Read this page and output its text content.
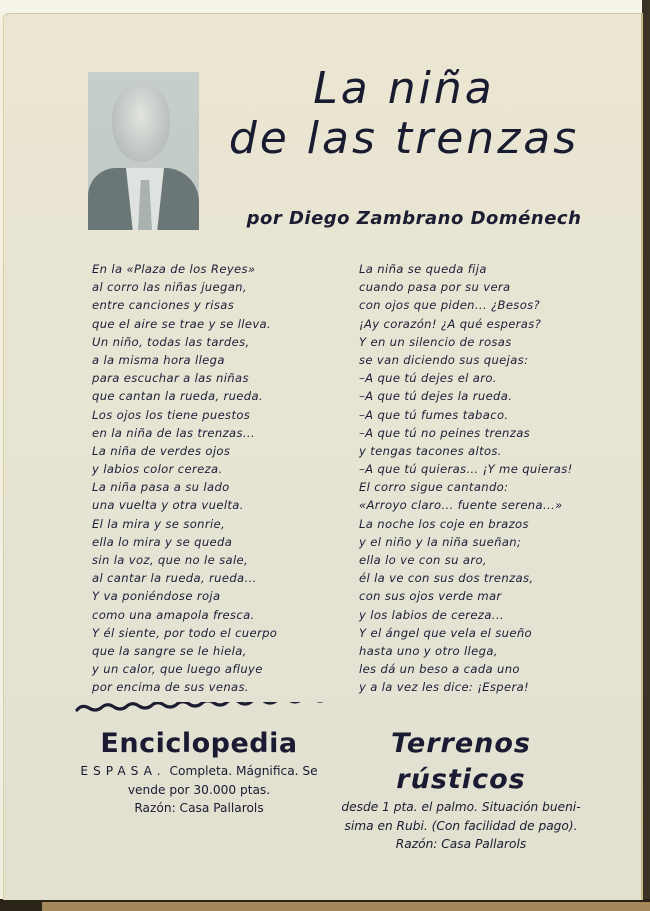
La niña
de las trenzas
por Diego Zambrano Doménech
En la «Plaza de los Reyes»
al corro las niñas juegan,
entre canciones y risas
que el aire se trae y se lleva.
Un niño, todas las tardes,
a la misma hora llega
para escuchar a las niñas
que cantan la rueda, rueda.
Los ojos los tiene puestos
en la niña de las trenzas...
La niña de verdes ojos
y labios color cereza.
La niña pasa a su lado
una vuelta y otra vuelta.
El la mira y se sonrie,
ella lo mira y se queda
sin la voz, que no le sale,
al cantar la rueda, rueda...
Y va poniéndose roja
como una amapola fresca.
Y él siente, por todo el cuerpo
que la sangre se le hiela,
y un calor, que luego afluye
por encima de sus venas.
La niña se queda fija
cuando pasa por su vera
con ojos que piden... ¿Besos?
¡Ay corazón! ¿A qué esperas?
Y en un silencio de rosas
se van diciendo sus quejas:
–A que tú dejes el aro.
–A que tú dejes la rueda.
–A que tú fumes tabaco.
–A que tú no peines trenzas
y tengas tacones altos.
–A que tú quieras... ¡Y me quieras!
El corro sigue cantando:
«Arroyo claro... fuente serena...»
La noche los coje en brazos
y el niño y la niña sueñan;
ella lo ve con su aro,
él la ve con sus dos trenzas,
con sus ojos verde mar
y los labios de cereza...
Y el ángel que vela el sueño
hasta uno y otro llega,
les dá un beso a cada uno
y a la vez les dice: ¡Espera!
Enciclopedia
ESPASA. Completa. Mágnifica. Se
vende por 30.000 ptas.
Razón: Casa Pallarols
Terrenos rústicos
desde 1 pta. el palmo. Situación bueni-
sima en Rubi. (Con facilidad de pago).
Razón: Casa Pallarols
